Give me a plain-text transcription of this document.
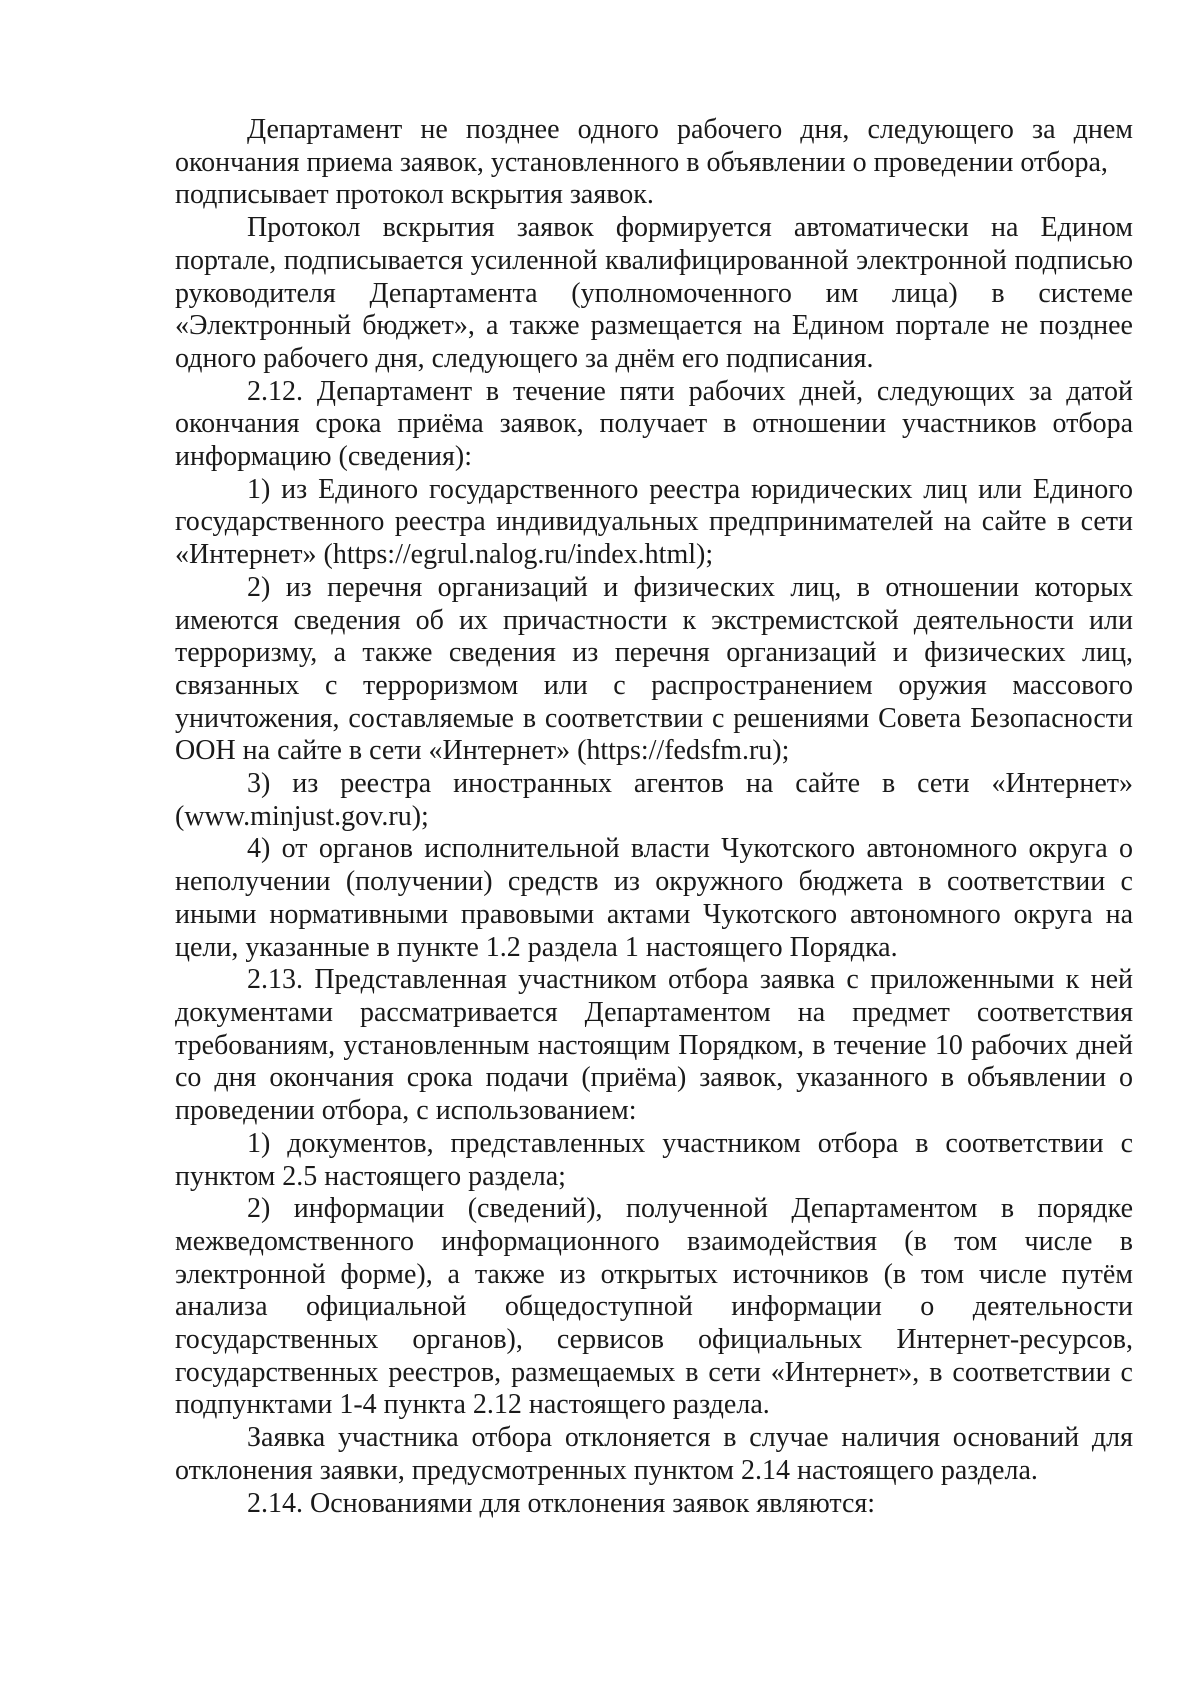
Департамент не позднее одного рабочего дня, следующего за днем окончания приема заявок, установленного в объявлении о проведении отбора,

подписывает протокол вскрытия заявок.

Протокол вскрытия заявок формируется автоматически на Едином портале, подписывается усиленной квалифицированной электронной подписью руководителя Департамента (уполномоченного им лица) в системе «Электронный бюджет», а также размещается на Едином портале не позднее одного рабочего дня, следующего за днём его подписания.

2.12. Департамент в течение пяти рабочих дней, следующих за датой окончания срока приёма заявок, получает в отношении участников отбора информацию (сведения):

1) из Единого государственного реестра юридических лиц или Единого государственного реестра индивидуальных предпринимателей на сайте в сети «Интернет» (https://egrul.nalog.ru/index.html);

2) из перечня организаций и физических лиц, в отношении которых имеются сведения об их причастности к экстремистской деятельности или терроризму, а также сведения из перечня организаций и физических лиц, связанных с терроризмом или с распространением оружия массового уничтожения, составляемые в соответствии с решениями Совета Безопасности ООН на сайте в сети «Интернет» (https://fedsfm.ru);

3) из реестра иностранных агентов на сайте в сети «Интернет» (www.minjust.gov.ru);

4) от органов исполнительной власти Чукотского автономного округа о неполучении (получении) средств из окружного бюджета в соответствии с иными нормативными правовыми актами Чукотского автономного округа на цели, указанные в пункте 1.2 раздела 1 настоящего Порядка.

2.13. Представленная участником отбора заявка с приложенными к ней документами рассматривается Департаментом на предмет соответствия требованиям, установленным настоящим Порядком, в течение 10 рабочих дней со дня окончания срока подачи (приёма) заявок, указанного в объявлении о проведении отбора, с использованием:

1) документов, представленных участником отбора в соответствии с пунктом 2.5 настоящего раздела;

2) информации (сведений), полученной Департаментом в порядке межведомственного информационного взаимодействия (в том числе в электронной форме), а также из открытых источников (в том числе путём анализа официальной общедоступной информации о деятельности государственных органов), сервисов официальных Интернет-ресурсов, государственных реестров, размещаемых в сети «Интернет», в соответствии с подпунктами 1-4 пункта 2.12 настоящего раздела.

Заявка участника отбора отклоняется в случае наличия оснований для отклонения заявки, предусмотренных пунктом 2.14 настоящего раздела.

2.14. Основаниями для отклонения заявок являются:
